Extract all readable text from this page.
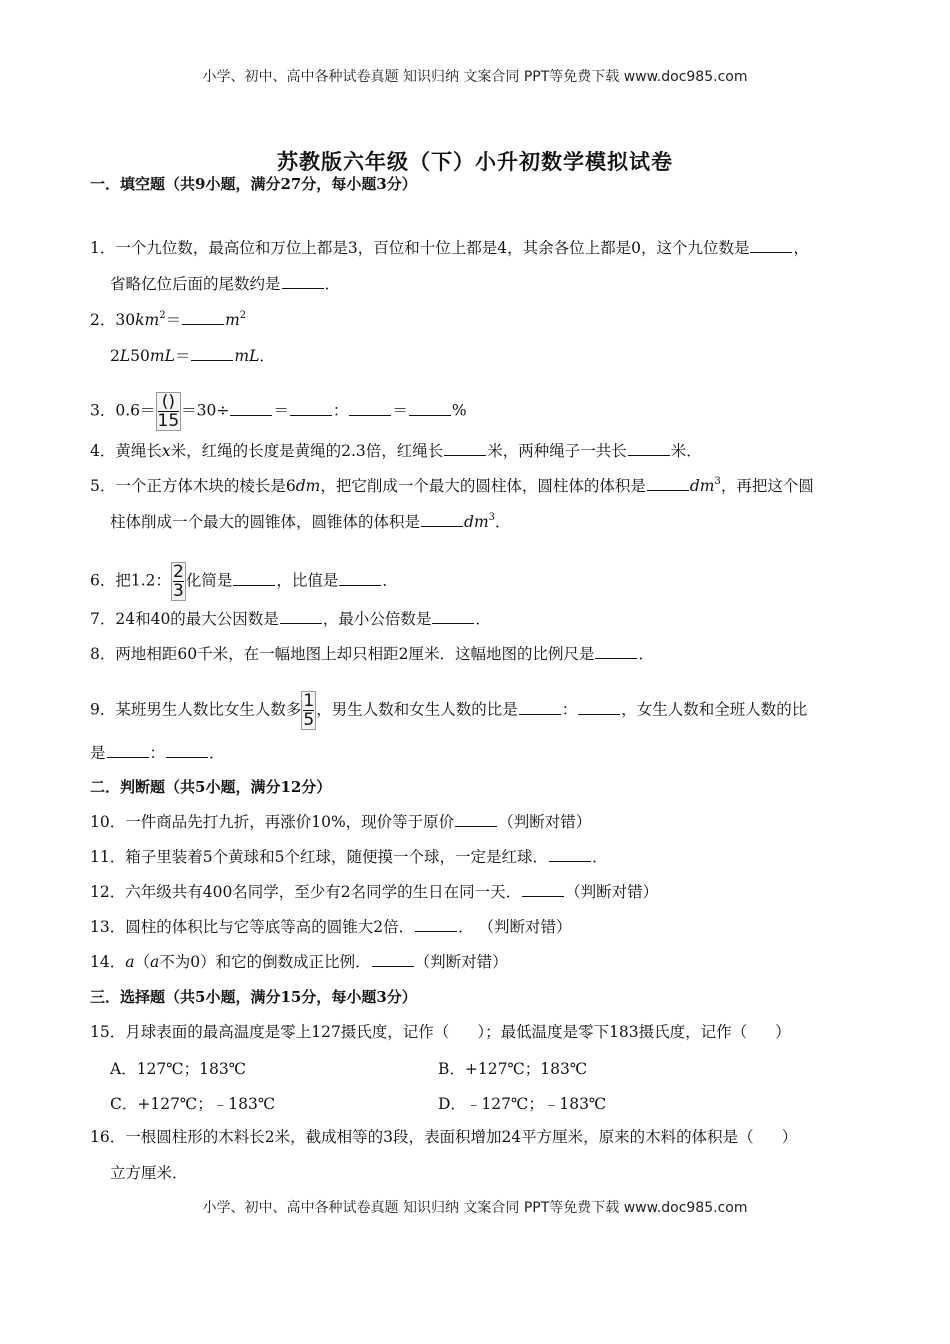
小学、初中、高中各种试卷真题 知识归纳 文案合同 PPT等免费下载 www.doc985.com
苏教版六年级（下）小升初数学模拟试卷
一．填空题（共9小题，满分27分，每小题3分）
1．一个九位数，最高位和万位上都是3，百位和十位上都是4，其余各位上都是0，这个九位数是	，
省略亿位后面的尾数约是	．
2．$30km^2=$	$m^2$
2L50mL＝	mL．
3．$0.6= \frac{()}{15} =30\div$	＝	：	＝	%
4．黄绳长x米，红绳的长度是黄绳的2.3倍，红绳长	米，两种绳子一共长	米．
5．一个正方体木块的棱长是6dm，把它削成一个最大的圆柱体，圆柱体的体积是	$dm^3$，再把这个圆
柱体削成一个最大的圆锥体，圆锥体的体积是	$dm^3$．
6．把1.2： $\frac{2}{3}$ 化简是	，比值是	．
7．24和40的最大公因数是	，最小公倍数是	．
8．两地相距60千米，在一幅地图上却只相距2厘米．这幅地图的比例尺是	．
9．某班男生人数比女生人数多 $\frac{1}{5}$ ，男生人数和女生人数的比是	：	，女生人数和全班人数的比
是	：	．
二．判断题（共5小题，满分12分）
10．一件商品先打九折，再涨价10%，现价等于原价	（判断对错）
11．箱子里装着5个黄球和5个红球，随便摸一个球，一定是红球．	．
12．六年级共有400名同学，至少有2名同学的生日在同一天．	（判断对错）
13．圆柱的体积比与它等底等高的圆锥大2倍．	． （判断对错）
14．a（a不为0）和它的倒数成正比例．	（判断对错）
三．选择题（共5小题，满分15分，每小题3分）
15．月球表面的最高温度是零上127摄氏度，记作（ ）；最低温度是零下183摄氏度，记作（ ）
A．127℃；183℃	B．+127℃；183℃
C．+127℃；﹣183℃	D．﹣127℃；﹣183℃
16．一根圆柱形的木料长2米，截成相等的3段，表面积增加24平方厘米，原来的木料的体积是（ ）
立方厘米．
小学、初中、高中各种试卷真题 知识归纳 文案合同 PPT等免费下载 www.doc985.com
